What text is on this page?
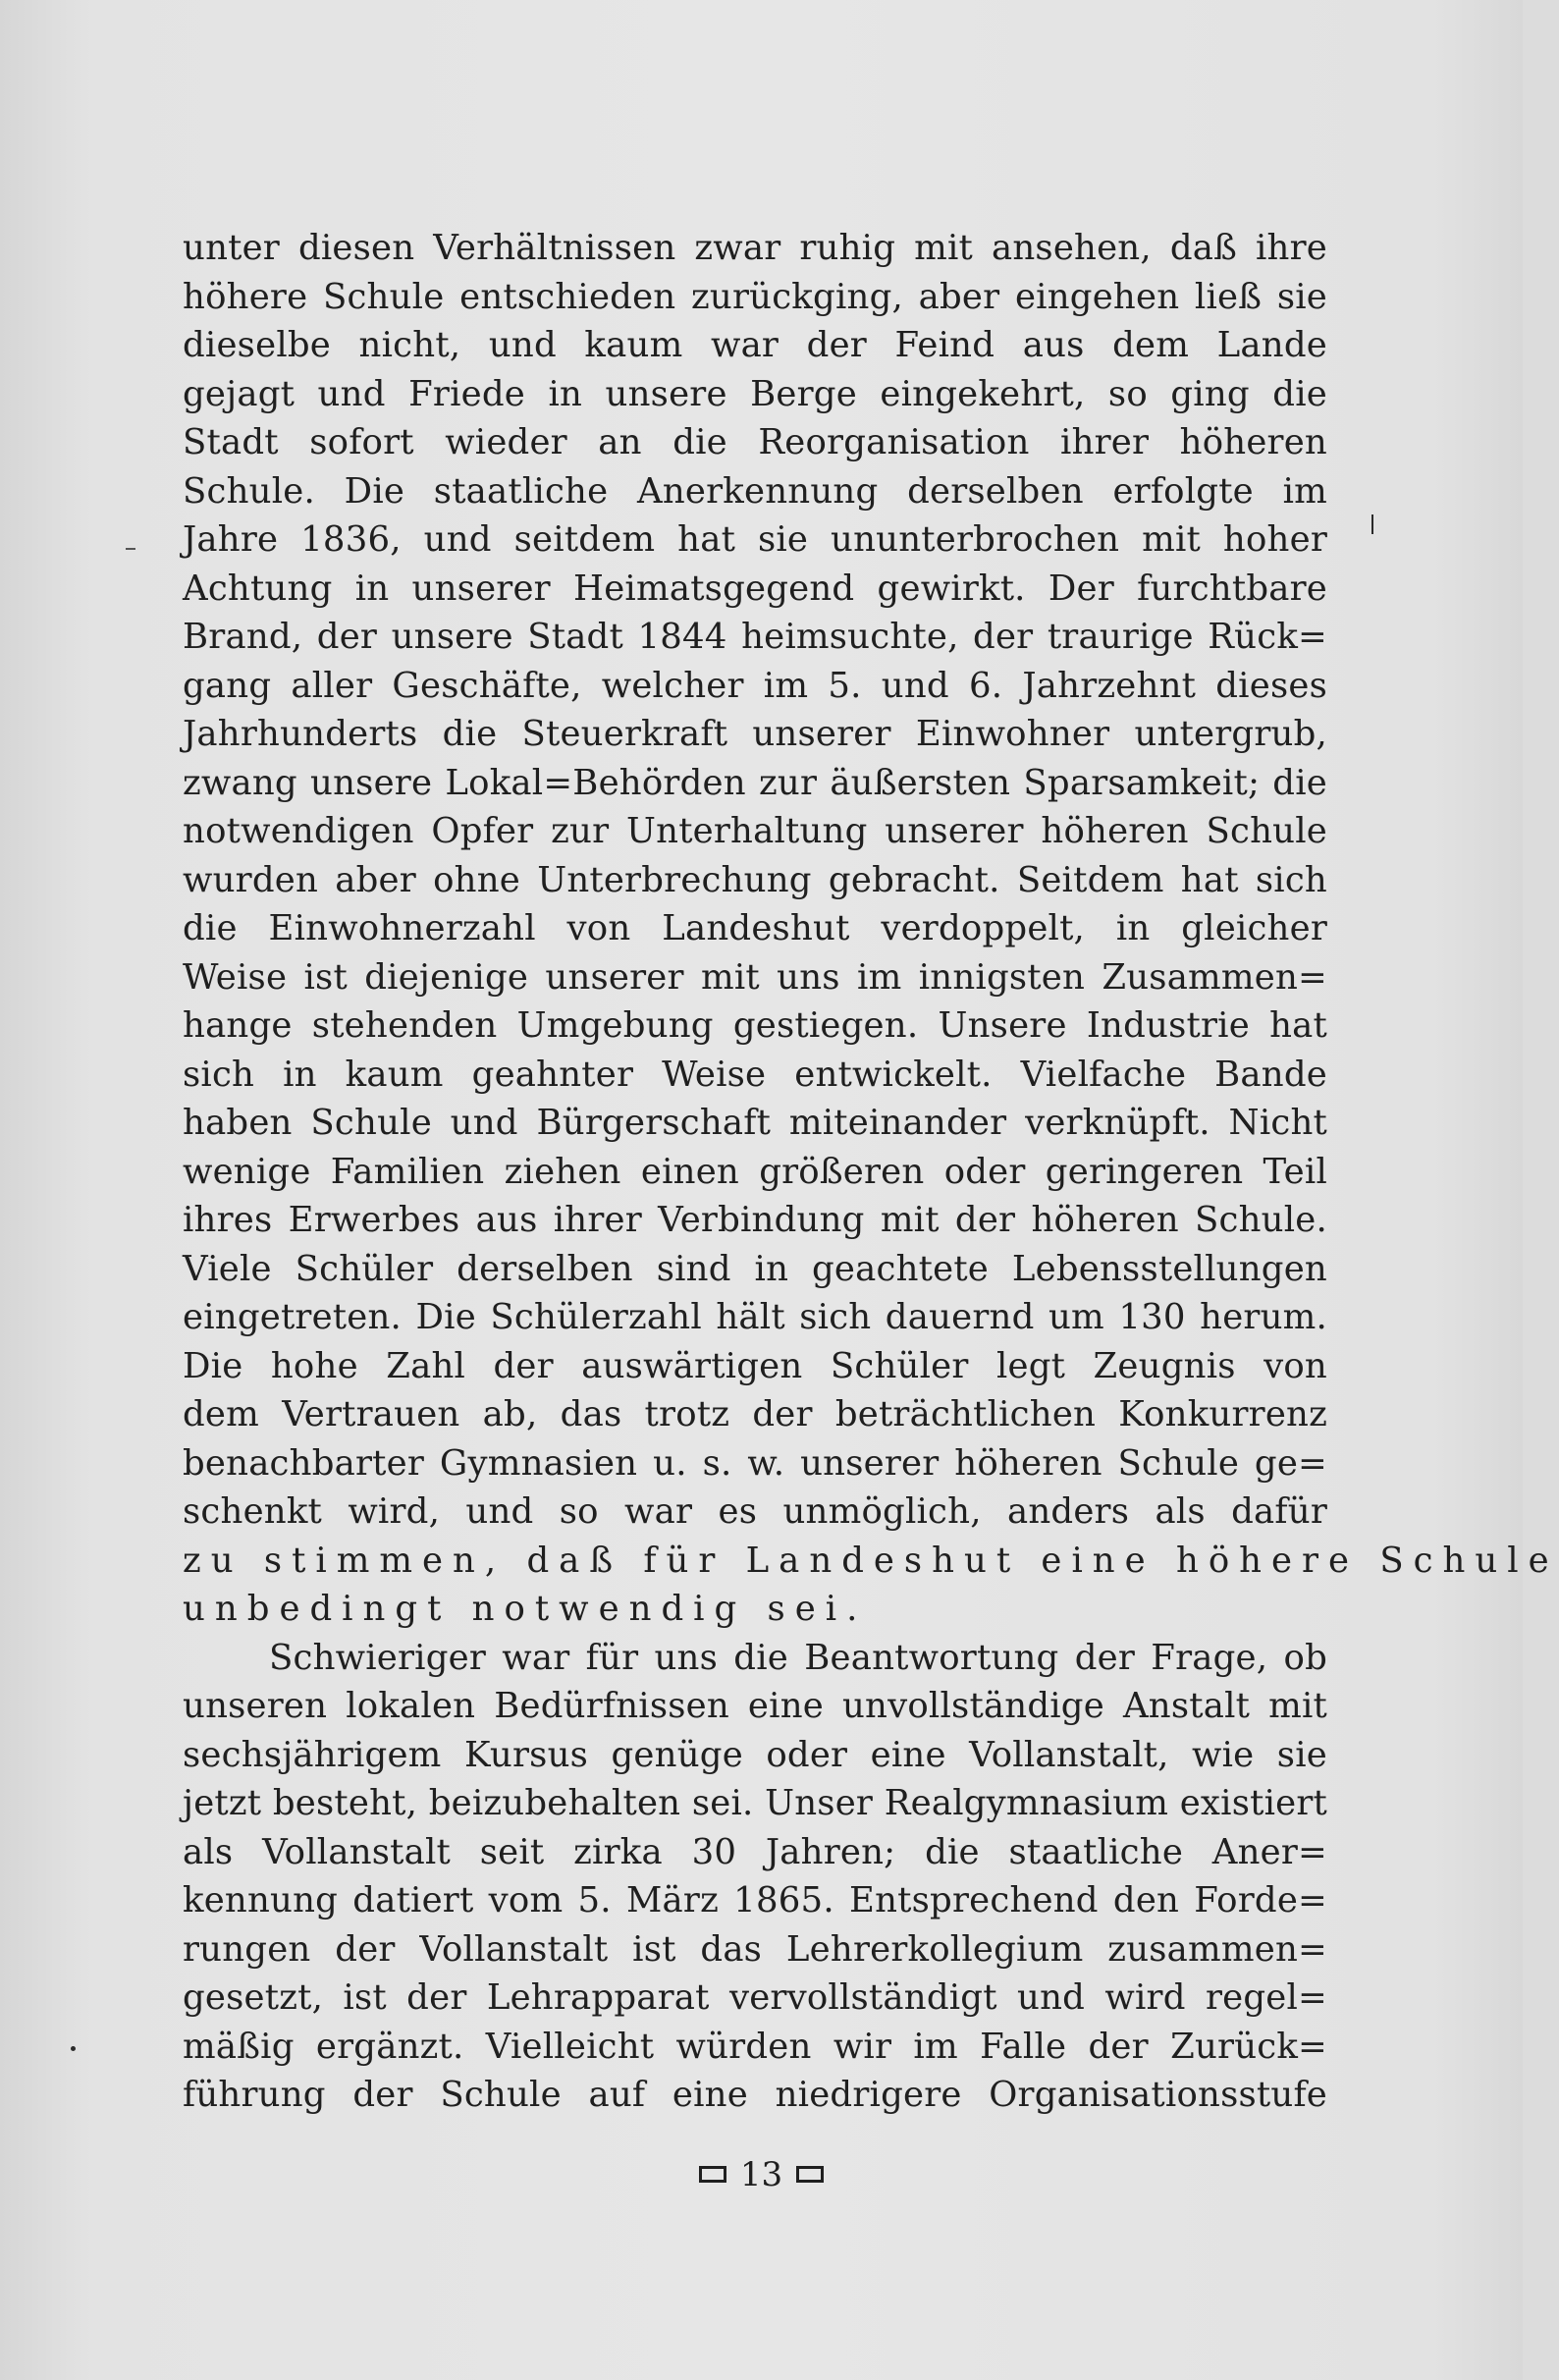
unter diesen Verhältnissen zwar ruhig mit ansehen, daß ihre
höhere Schule entschieden zurückging, aber eingehen ließ sie
dieselbe nicht, und kaum war der Feind aus dem Lande
gejagt und Friede in unsere Berge eingekehrt, so ging die
Stadt sofort wieder an die Reorganisation ihrer höheren
Schule. Die staatliche Anerkennung derselben erfolgte im
Jahre 1836, und seitdem hat sie ununterbrochen mit hoher
Achtung in unserer Heimatsgegend gewirkt. Der furchtbare
Brand, der unsere Stadt 1844 heimsuchte, der traurige Rück=
gang aller Geschäfte, welcher im 5. und 6. Jahrzehnt dieses
Jahrhunderts die Steuerkraft unserer Einwohner untergrub,
zwang unsere Lokal=Behörden zur äußersten Sparsamkeit; die
notwendigen Opfer zur Unterhaltung unserer höheren Schule
wurden aber ohne Unterbrechung gebracht. Seitdem hat sich
die Einwohnerzahl von Landeshut verdoppelt, in gleicher
Weise ist diejenige unserer mit uns im innigsten Zusammen=
hange stehenden Umgebung gestiegen. Unsere Industrie hat
sich in kaum geahnter Weise entwickelt. Vielfache Bande
haben Schule und Bürgerschaft miteinander verknüpft. Nicht
wenige Familien ziehen einen größeren oder geringeren Teil
ihres Erwerbes aus ihrer Verbindung mit der höheren Schule.
Viele Schüler derselben sind in geachtete Lebensstellungen
eingetreten. Die Schülerzahl hält sich dauernd um 130 herum.
Die hohe Zahl der auswärtigen Schüler legt Zeugnis von
dem Vertrauen ab, das trotz der beträchtlichen Konkurrenz
benachbarter Gymnasien u. s. w. unserer höheren Schule ge=
schenkt wird, und so war es unmöglich, anders als dafür
zu stimmen, daß für Landeshut eine höhere Schule
unbedingt notwendig sei.
Schwieriger war für uns die Beantwortung der Frage, ob
unseren lokalen Bedürfnissen eine unvollständige Anstalt mit
sechsjährigem Kursus genüge oder eine Vollanstalt, wie sie
jetzt besteht, beizubehalten sei. Unser Realgymnasium existiert
als Vollanstalt seit zirka 30 Jahren; die staatliche Aner=
kennung datiert vom 5. März 1865. Entsprechend den Forde=
rungen der Vollanstalt ist das Lehrerkollegium zusammen=
gesetzt, ist der Lehrapparat vervollständigt und wird regel=
mäßig ergänzt. Vielleicht würden wir im Falle der Zurück=
führung der Schule auf eine niedrigere Organisationsstufe
13
